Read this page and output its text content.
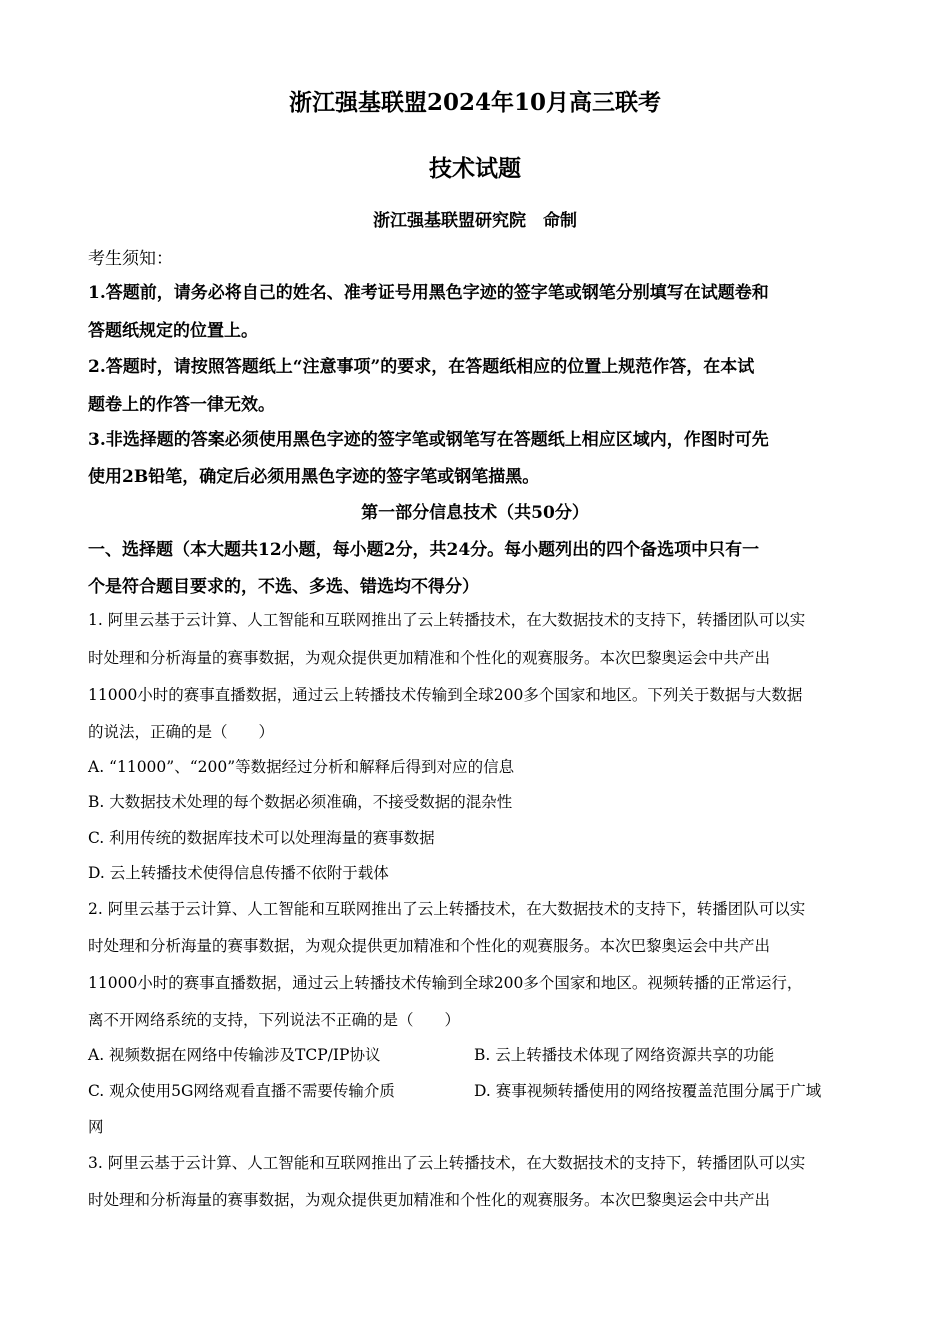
浙江强基联盟2024年10月高三联考
技术试题
浙江强基联盟研究院　命制
考生须知：
1.答题前，请务必将自己的姓名、准考证号用黑色字迹的签字笔或钢笔分别填写在试题卷和
答题纸规定的位置上。
2.答题时，请按照答题纸上“注意事项”的要求，在答题纸相应的位置上规范作答，在本试
题卷上的作答一律无效。
3.非选择题的答案必须使用黑色字迹的签字笔或钢笔写在答题纸上相应区域内，作图时可先
使用2B铅笔，确定后必须用黑色字迹的签字笔或钢笔描黑。
第一部分信息技术（共50分）
一、选择题（本大题共12小题，每小题2分，共24分。每小题列出的四个备选项中只有一
个是符合题目要求的，不选、多选、错选均不得分）
1. 阿里云基于云计算、人工智能和互联网推出了云上转播技术，在大数据技术的支持下，转播团队可以实
时处理和分析海量的赛事数据，为观众提供更加精准和个性化的观赛服务。本次巴黎奥运会中共产出
11000小时的赛事直播数据，通过云上转播技术传输到全球200多个国家和地区。下列关于数据与大数据
的说法，正确的是（　　）
A. “11000”、“200”等数据经过分析和解释后得到对应的信息
B. 大数据技术处理的每个数据必须准确，不接受数据的混杂性
C. 利用传统的数据库技术可以处理海量的赛事数据
D. 云上转播技术使得信息传播不依附于载体
2. 阿里云基于云计算、人工智能和互联网推出了云上转播技术，在大数据技术的支持下，转播团队可以实
时处理和分析海量的赛事数据，为观众提供更加精准和个性化的观赛服务。本次巴黎奥运会中共产出
11000小时的赛事直播数据，通过云上转播技术传输到全球200多个国家和地区。视频转播的正常运行，
离不开网络系统的支持，下列说法不正确的是（　　）
A. 视频数据在网络中传输涉及TCP/IP协议	B. 云上转播技术体现了网络资源共享的功能
C. 观众使用5G网络观看直播不需要传输介质	D. 赛事视频转播使用的网络按覆盖范围分属于广域
网
3. 阿里云基于云计算、人工智能和互联网推出了云上转播技术，在大数据技术的支持下，转播团队可以实
时处理和分析海量的赛事数据，为观众提供更加精准和个性化的观赛服务。本次巴黎奥运会中共产出
